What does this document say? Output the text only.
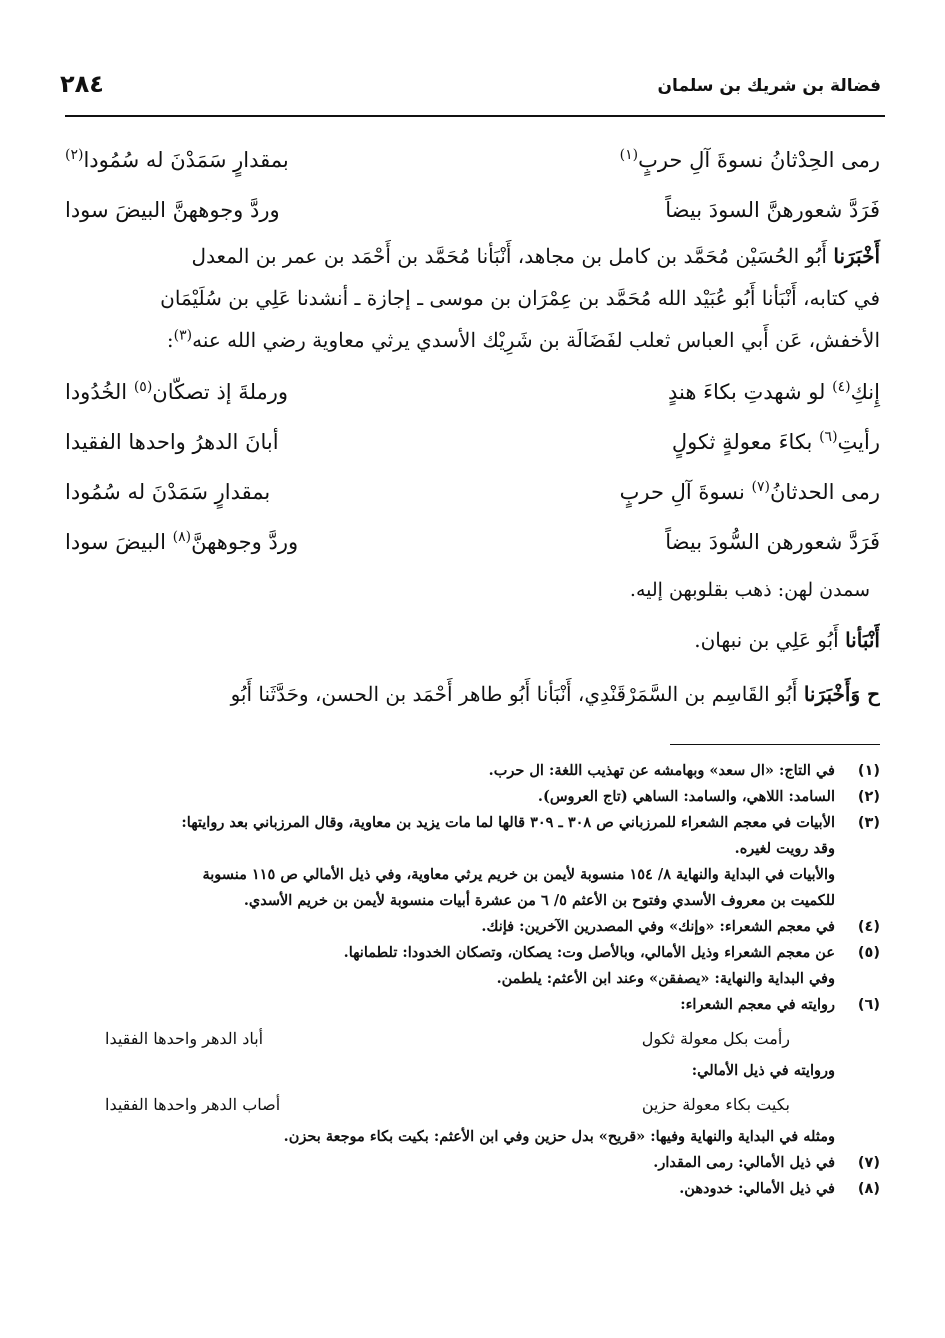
٢٨٤	فضالة بن شريك بن سلمان
رمى الحِدْثانُ نسوةَ آلِ حربٍ$^{(١)}$
بمقدارٍ سَمَدْنَ له سُمُودا$^{(٢)}$
فَرَدَّ شعورهنَّ السودَ بيضاً
وردَّ وجوههنَّ البيضَ سودا
أَخْبَرَنا أَبُو الحُسَيْن مُحَمَّد بن كامل بن مجاهد، أَنْبَأنا مُحَمَّد بن أَحْمَد بن عمر بن المعدل
في كتابه، أَنْبَأنا أَبُو عُبَيْد الله مُحَمَّد بن عِمْرَان بن موسى ـ إجازة ـ أنشدنا عَلِي بن سُلَيْمَان
الأخفش، عَن أَبي العباس ثعلب لفَضَالَة بن شَرِيْك الأسدي يرثي معاوية رضي الله عنه$^{(٣)}$:
إِنكِ$^{(٤)}$ لو شهدتِ بكاءَ هندٍ
ورملةَ إذ تصكّان$^{(٥)}$ الخُدُودا
رأيتِ$^{(٦)}$ بكاءَ معولةٍ ثكولٍ
أبانَ الدهرُ واحدها الفقيدا
رمى الحدثانُ$^{(٧)}$ نسوةَ آلِ حربٍ
بمقدارٍ سَمَدْنَ له سُمُودا
فَرَدَّ شعورهن السُّودَ بيضاً
وردَّ وجوههنَّ$^{(٨)}$ البيضَ سودا
سمدن لهن: ذهب بقلوبهن إليه.
أَنْبَأنا أَبُو عَلِي بن نبهان.
ح وَأَخْبَرَنا أَبُو القَاسِم بن السَّمَرْقَنْدِي، أَنْبَأنا أَبُو طاهر أَحْمَد بن الحسن، وحَدَّثَنا أَبُو
(١)
في التاج: «ال سعد» وبهامشه عن تهذيب اللغة: ال حرب.
(٢)
السامد: اللاهي، والسامد: الساهي (تاج العروس).
(٣)
الأبيات في معجم الشعراء للمرزباني ص ٣٠٨ ـ ٣٠٩ قالها لما مات يزيد بن معاوية، وقال المرزباني بعد روايتها:
وقد رويت لغيره.
والأبيات في البداية والنهاية ٨/ ١٥٤ منسوبة لأيمن بن خريم يرثي معاوية، وفي ذيل الأمالي ص ١١٥ منسوبة
للكميت بن معروف الأسدي وفتوح بن الأعثم ٥/ ٦ من عشرة أبيات منسوبة لأيمن بن خريم الأسدي.
(٤)
في معجم الشعراء: «وإنك» وفي المصدرين الآخرين: فإنك.
(٥)
عن معجم الشعراء وذيل الأمالي، وبالأصل وت: يصكان، وتصكان الخدودا: تلطمانها.
وفي البداية والنهاية: «يصفقن» وعند ابن الأعثم: يلطمن.
(٦)
روايته في معجم الشعراء:
رأمت بكل معولة ثكول
أباد الدهر واحدها الفقيدا
وروايته في ذيل الأمالي:
بكيت بكاء معولة حزين
أصاب الدهر واحدها الفقيدا
ومثله في البداية والنهاية وفيها: «قريح» بدل حزين وفي ابن الأعثم: بكيت بكاء موجعة بحزن.
(٧)
في ذيل الأمالي: رمى المقدار.
(٨)
في ذيل الأمالي: خدودهن.
